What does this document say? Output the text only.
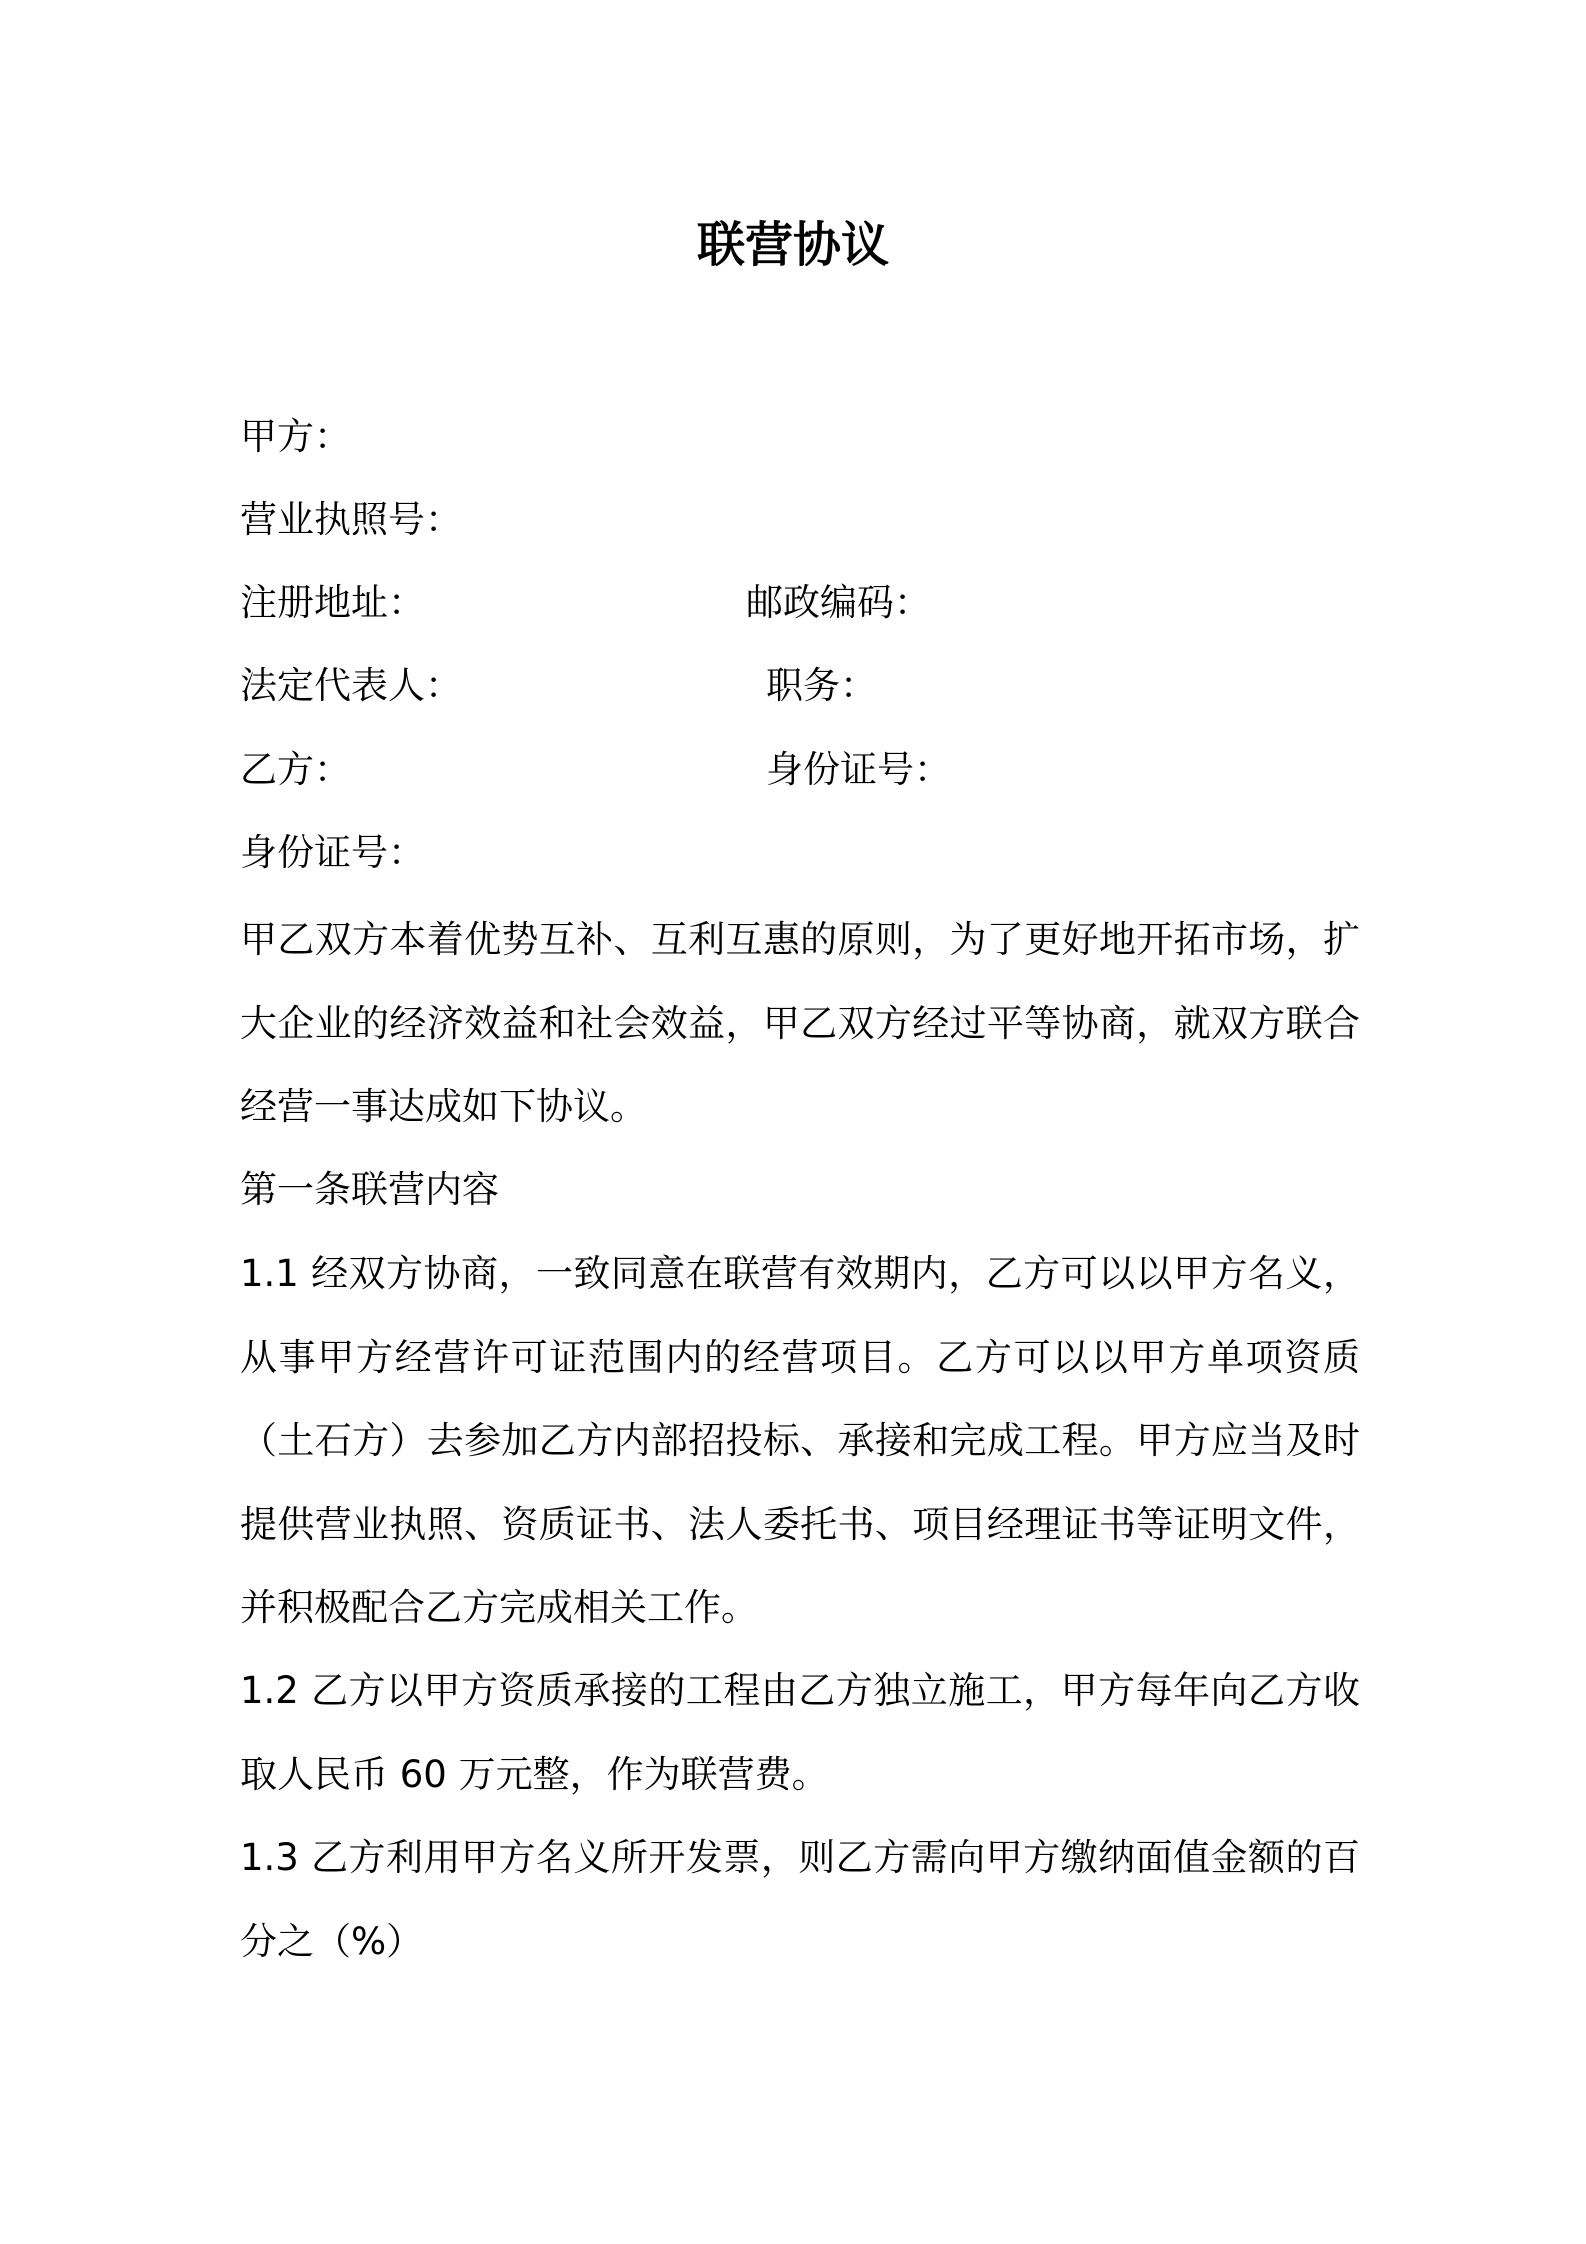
联营协议
甲方：
营业执照号：
注册地址：	邮政编码：
法定代表人：	职务：
乙方：	身份证号：
身份证号：

甲乙双方本着优势互补、互利互惠的原则，为了更好地开拓市场，扩大企业的经济效益和社会效益，甲乙双方经过平等协商，就双方联合经营一事达成如下协议。

第一条联营内容

1.1 经双方协商，一致同意在联营有效期内，乙方可以以甲方名义，从事甲方经营许可证范围内的经营项目。乙方可以以甲方单项资质（土石方）去参加乙方内部招投标、承接和完成工程。甲方应当及时提供营业执照、资质证书、法人委托书、项目经理证书等证明文件，并积极配合乙方完成相关工作。

1.2 乙方以甲方资质承接的工程由乙方独立施工，甲方每年向乙方收取人民币 60 万元整，作为联营费。

1.3 乙方利用甲方名义所开发票，则乙方需向甲方缴纳面值金额的百分之（%）
